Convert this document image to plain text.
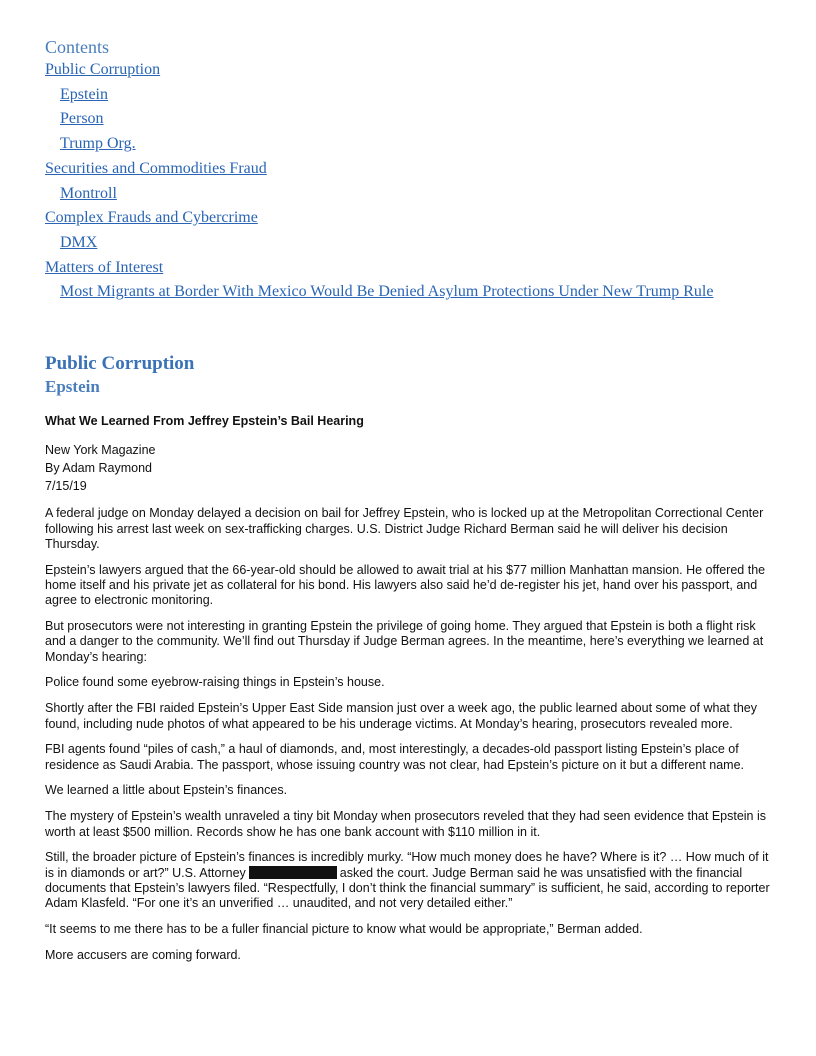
Contents
Public Corruption
Epstein
Person
Trump Org.
Securities and Commodities Fraud
Montroll
Complex Frauds and Cybercrime
DMX
Matters of Interest
Most Migrants at Border With Mexico Would Be Denied Asylum Protections Under New Trump Rule
Public Corruption
Epstein
What We Learned From Jeffrey Epstein’s Bail Hearing
New York Magazine
By Adam Raymond
7/15/19

A federal judge on Monday delayed a decision on bail for Jeffrey Epstein, who is locked up at the Metropolitan Correctional Center following his arrest last week on sex-trafficking charges. U.S. District Judge Richard Berman said he will deliver his decision Thursday.

Epstein’s lawyers argued that the 66-year-old should be allowed to await trial at his $77 million Manhattan mansion. He offered the home itself and his private jet as collateral for his bond. His lawyers also said he’d de-register his jet, hand over his passport, and agree to electronic monitoring.

But prosecutors were not interesting in granting Epstein the privilege of going home. They argued that Epstein is both a flight risk and a danger to the community. We’ll find out Thursday if Judge Berman agrees. In the meantime, here’s everything we learned at Monday’s hearing:

Police found some eyebrow-raising things in Epstein’s house.

Shortly after the FBI raided Epstein’s Upper East Side mansion just over a week ago, the public learned about some of what they found, including nude photos of what appeared to be his underage victims. At Monday’s hearing, prosecutors revealed more.

FBI agents found “piles of cash,” a haul of diamonds, and, most interestingly, a decades-old passport listing Epstein’s place of residence as Saudi Arabia. The passport, whose issuing country was not clear, had Epstein’s picture on it but a different name.

We learned a little about Epstein’s finances.

The mystery of Epstein’s wealth unraveled a tiny bit Monday when prosecutors reveled that they had seen evidence that Epstein is worth at least $500 million. Records show he has one bank account with $110 million in it.

Still, the broader picture of Epstein’s finances is incredibly murky. “How much money does he have? Where is it? … How much of it is in diamonds or art?” U.S. Attorney	asked the court. Judge Berman said he was unsatisfied with the financial documents that Epstein’s lawyers filed. “Respectfully, I don’t think the financial summary” is sufficient, he said, according to reporter Adam Klasfeld. “For one it’s an unverified … unaudited, and not very detailed either.”

“It seems to me there has to be a fuller financial picture to know what would be appropriate,” Berman added.

More accusers are coming forward.
